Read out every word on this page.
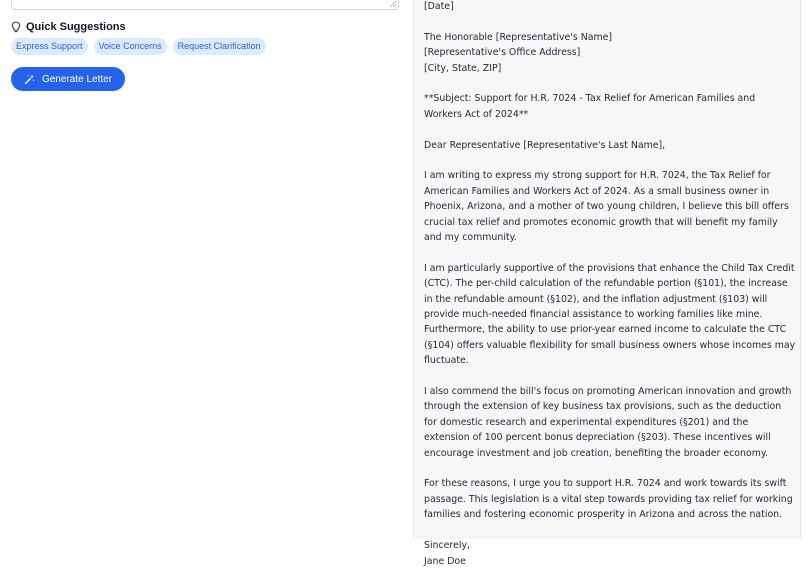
Quick Suggestions
Express Support	Voice Concerns	Request Clarification
Generate Letter

[Date]

The Honorable [Representative's Name]

[Representative's Office Address]

[City, State, ZIP]

**Subject: Support for H.R. 7024 - Tax Relief for American Families and Workers Act of 2024**

Dear Representative [Representative's Last Name],

I am writing to express my strong support for H.R. 7024, the Tax Relief for American Families and Workers Act of 2024. As a small business owner in Phoenix, Arizona, and a mother of two young children, I believe this bill offers crucial tax relief and promotes economic growth that will benefit my family and my community.

I am particularly supportive of the provisions that enhance the Child Tax Credit (CTC). The per-child calculation of the refundable portion (§101), the increase in the refundable amount (§102), and the inflation adjustment (§103) will provide much-needed financial assistance to working families like mine. Furthermore, the ability to use prior-year earned income to calculate the CTC (§104) offers valuable flexibility for small business owners whose incomes may fluctuate.

I also commend the bill's focus on promoting American innovation and growth through the extension of key business tax provisions, such as the deduction for domestic research and experimental expenditures (§201) and the extension of 100 percent bonus depreciation (§203). These incentives will encourage investment and job creation, benefiting the broader economy.

For these reasons, I urge you to support H.R. 7024 and work towards its swift passage. This legislation is a vital step towards providing tax relief for working families and fostering economic prosperity in Arizona and across the nation.

Sincerely,

Jane Doe
